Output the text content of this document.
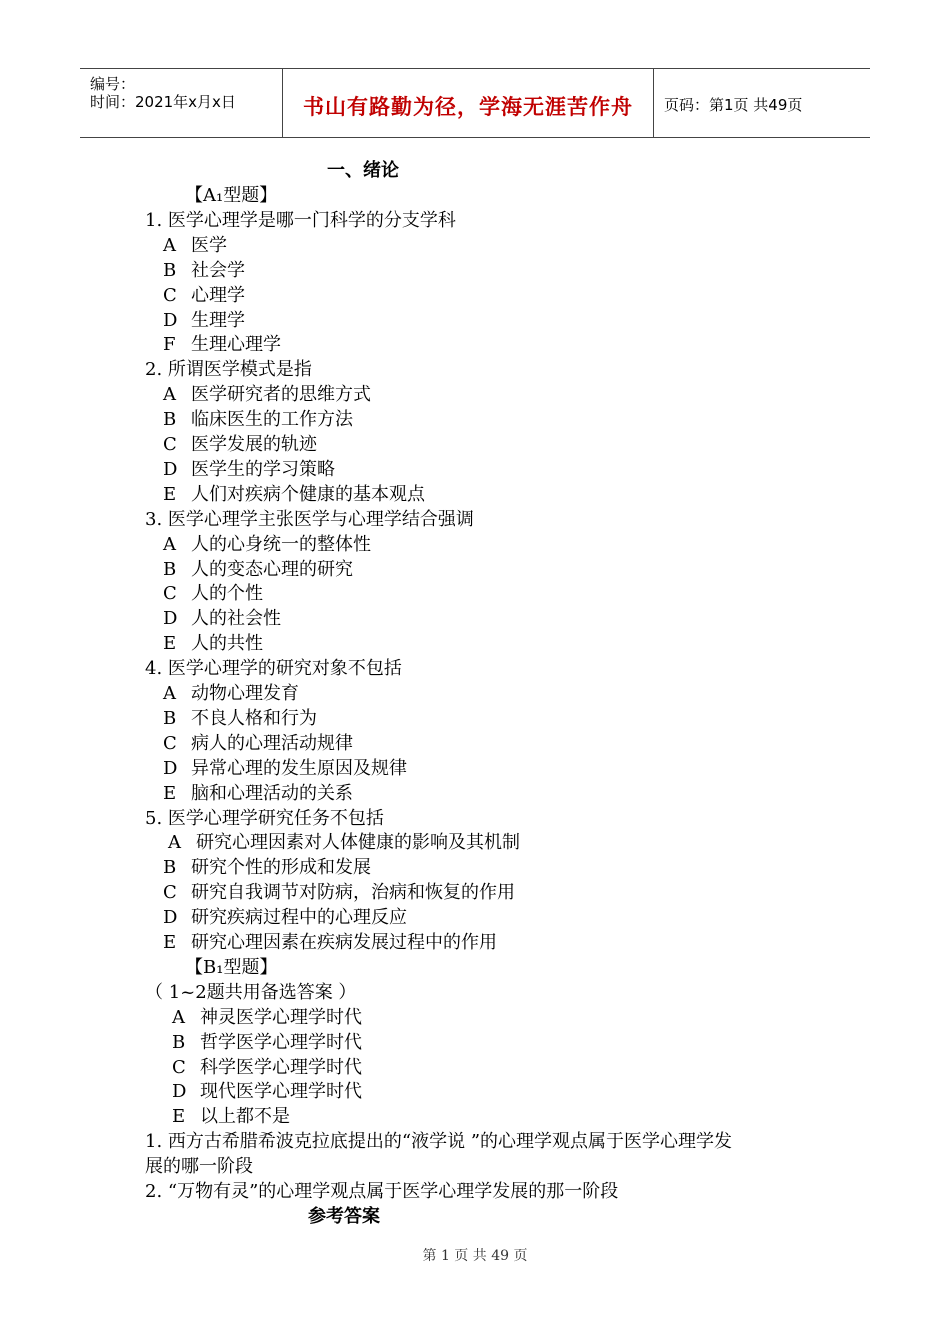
编号：
时间：2021年x月x日	书山有路勤为径，学海无涯苦作舟	页码：第1页 共49页
一、绪论
【A₁型题】
1. 医学心理学是哪一门科学的分支学科
A 医学
B 社会学
C 心理学
D 生理学
F 生理心理学
2. 所谓医学模式是指
A 医学研究者的思维方式
B 临床医生的工作方法
C 医学发展的轨迹
D 医学生的学习策略
E 人们对疾病个健康的基本观点
3. 医学心理学主张医学与心理学结合强调
A 人的心身统一的整体性
B 人的变态心理的研究
C 人的个性
D 人的社会性
E 人的共性
4. 医学心理学的研究对象不包括
A 动物心理发育
B 不良人格和行为
C 病人的心理活动规律
D 异常心理的发生原因及规律
E 脑和心理活动的关系
5. 医学心理学研究任务不包括
A 研究心理因素对人体健康的影响及其机制
B 研究个性的形成和发展
C 研究自我调节对防病，治病和恢复的作用
D 研究疾病过程中的心理反应
E 研究心理因素在疾病发展过程中的作用
【B₁型题】
（ 1~2题共用备选答案 ）
A 神灵医学心理学时代
B 哲学医学心理学时代
C 科学医学心理学时代
D 现代医学心理学时代
E 以上都不是
1. 西方古希腊希波克拉底提出的“液学说 ”的心理学观点属于医学心理学发
展的哪一阶段
2. “万物有灵”的心理学观点属于医学心理学发展的那一阶段
参考答案
第 1 页 共 49 页
